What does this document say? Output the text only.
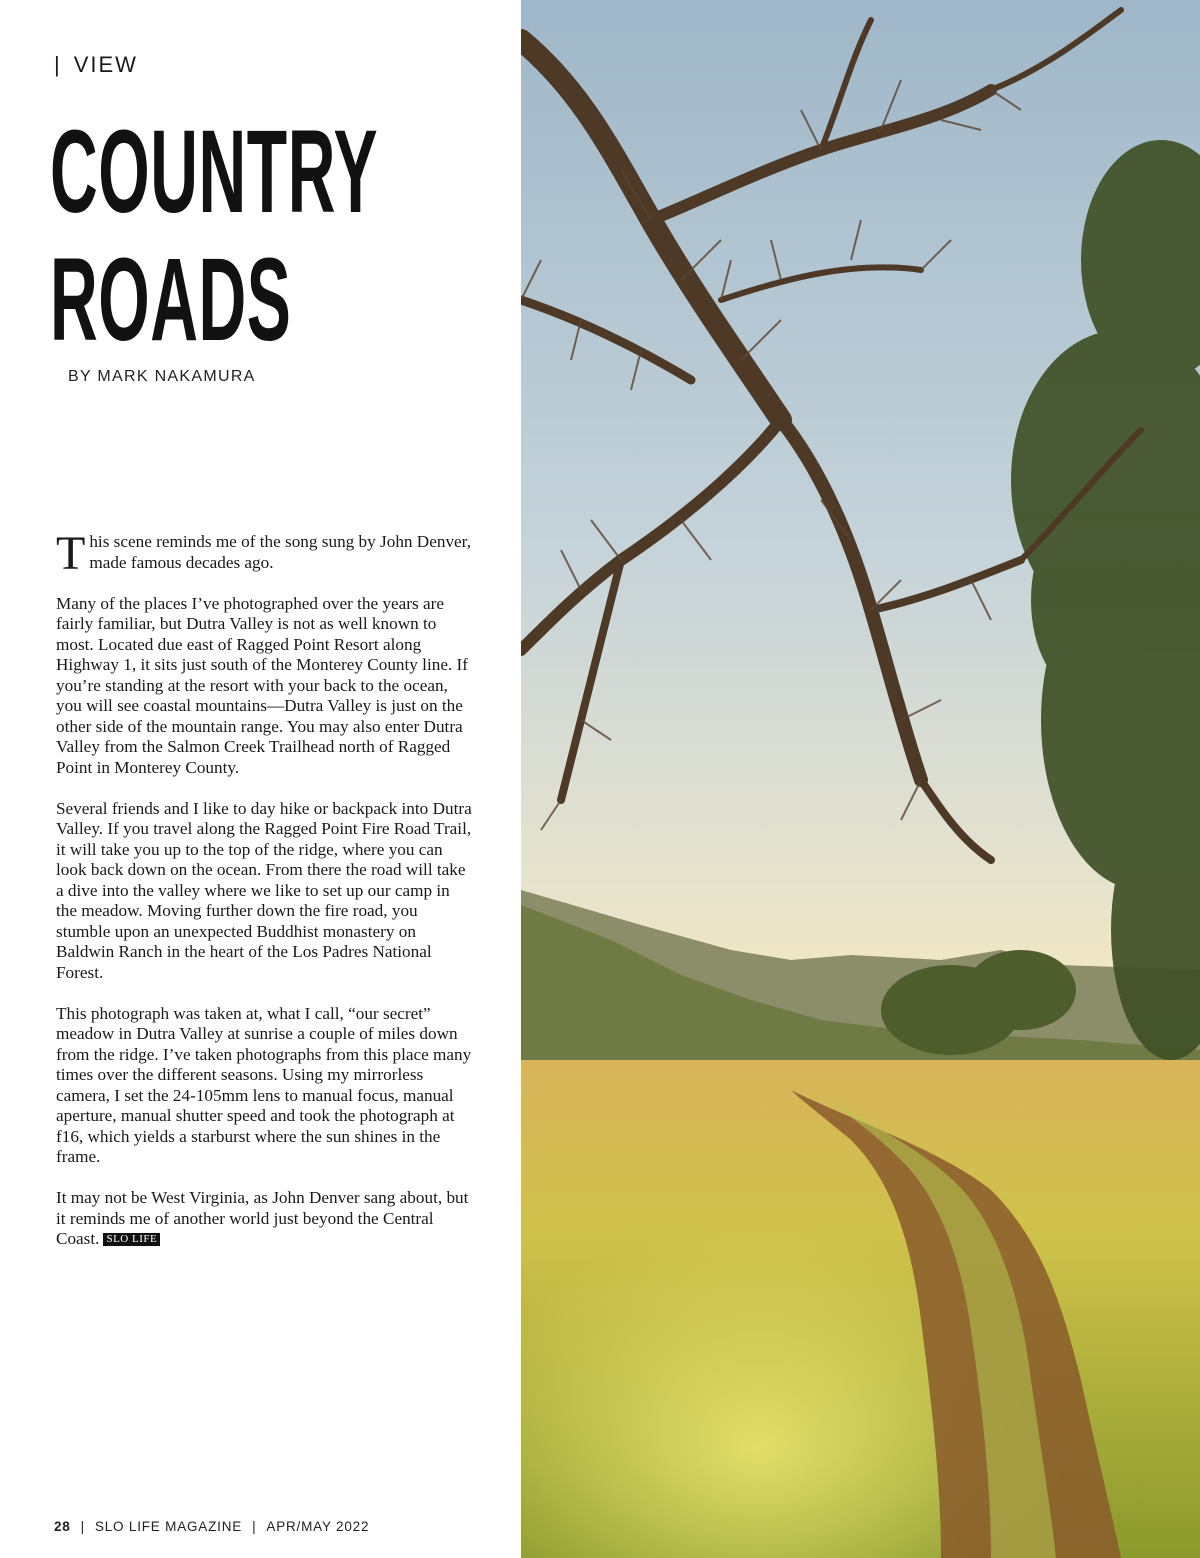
| VIEW
COUNTRY
ROADS
BY MARK NAKAMURA

This scene reminds me of the song sung by John Denver, made famous decades ago.

Many of the places I’ve photographed over the years are fairly familiar, but Dutra Valley is not as well known to most. Located due east of Ragged Point Resort along Highway 1, it sits just south of the Monterey County line. If you’re standing at the resort with your back to the ocean, you will see coastal mountains—Dutra Valley is just on the other side of the mountain range. You may also enter Dutra Valley from the Salmon Creek Trailhead north of Ragged Point in Monterey County.

Several friends and I like to day hike or backpack into Dutra Valley. If you travel along the Ragged Point Fire Road Trail, it will take you up to the top of the ridge, where you can look back down on the ocean. From there the road will take a dive into the valley where we like to set up our camp in the meadow. Moving further down the fire road, you stumble upon an unexpected Buddhist monastery on Baldwin Ranch in the heart of the Los Padres National Forest.

This photograph was taken at, what I call, “our secret” meadow in Dutra Valley at sunrise a couple of miles down from the ridge. I’ve taken photographs from this place many times over the different seasons. Using my mirrorless camera, I set the 24-105mm lens to manual focus, manual aperture, manual shutter speed and took the photograph at f16, which yields a starburst where the sun shines in the frame.

It may not be West Virginia, as John Denver sang about, but it reminds me of another world just beyond the Central Coast. SLO LIFE

28 | SLO LIFE MAGAZINE | APR/MAY 2022
